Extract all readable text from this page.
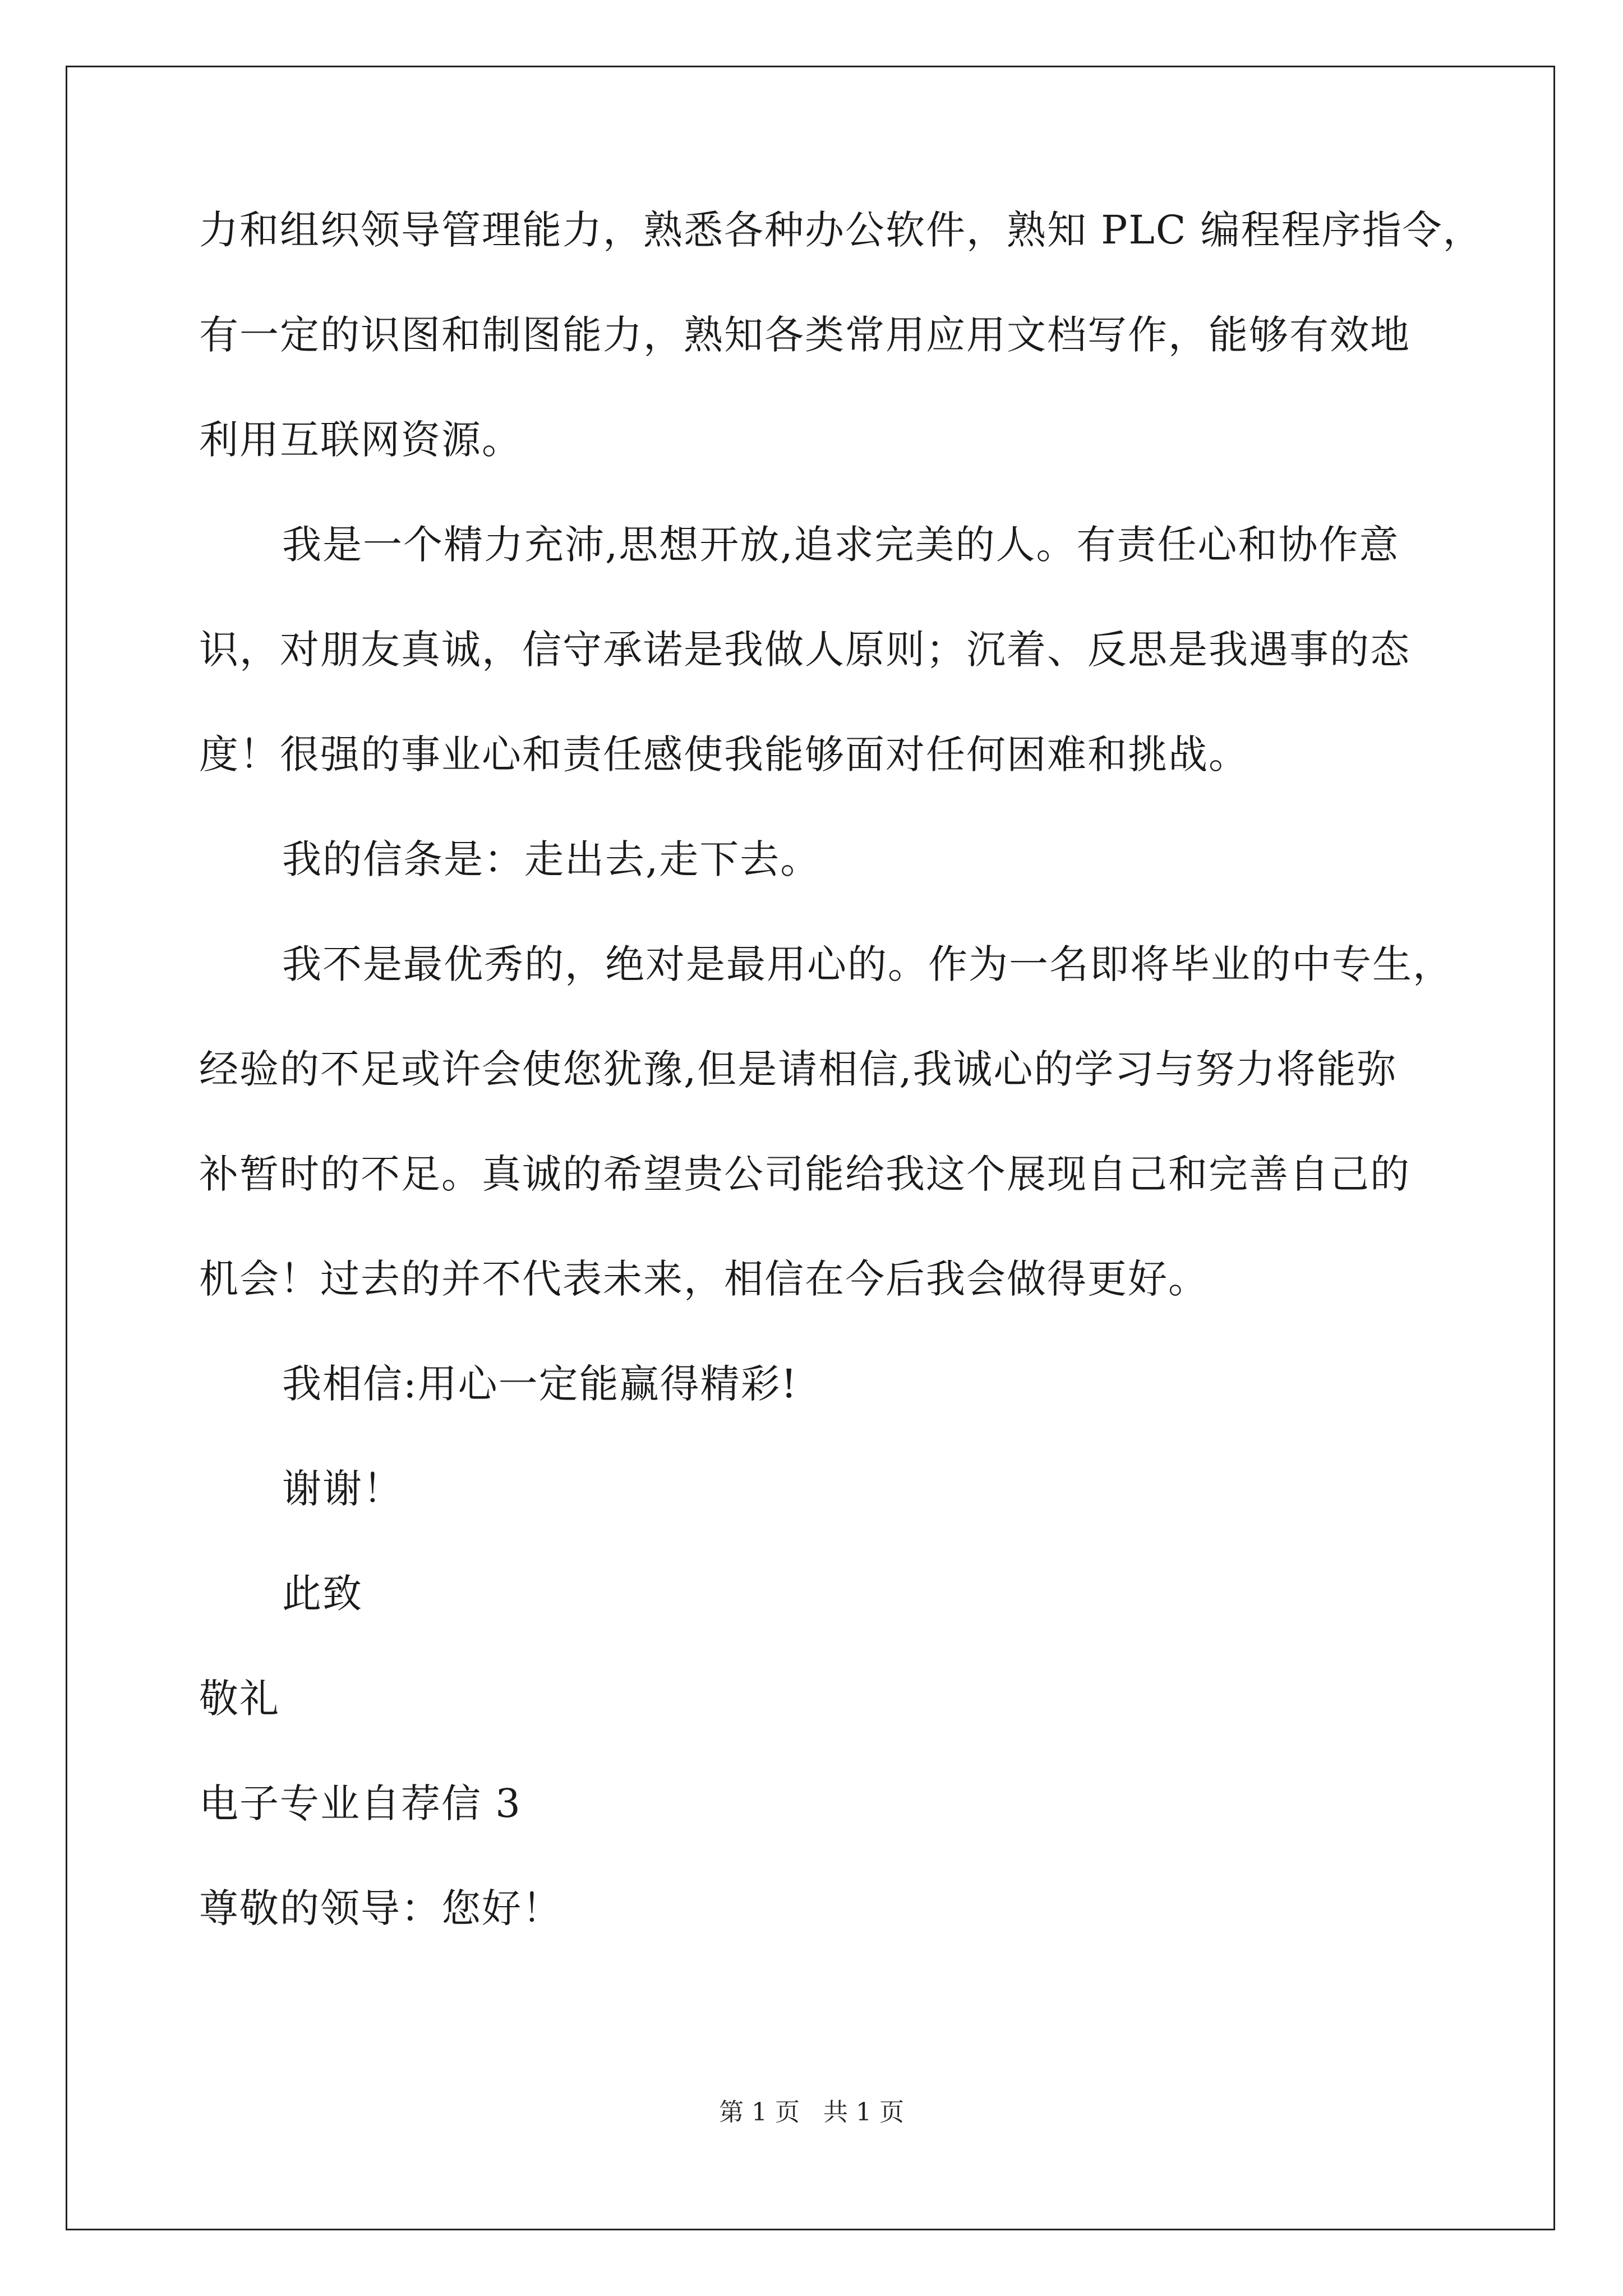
力和组织领导管理能力，熟悉各种办公软件，熟知 PLC 编程程序指令，
有一定的识图和制图能力，熟知各类常用应用文档写作，能够有效地
利用互联网资源。
我是一个精力充沛,思想开放,追求完美的人。有责任心和协作意
识，对朋友真诚，信守承诺是我做人原则；沉着、反思是我遇事的态
度！很强的事业心和责任感使我能够面对任何困难和挑战。
我的信条是：走出去,走下去。
我不是最优秀的，绝对是最用心的。作为一名即将毕业的中专生，
经验的不足或许会使您犹豫,但是请相信,我诚心的学习与努力将能弥
补暂时的不足。真诚的希望贵公司能给我这个展现自己和完善自己的
机会！过去的并不代表未来，相信在今后我会做得更好。
我相信:用心一定能赢得精彩!
谢谢！
此致
敬礼
电子专业自荐信 3
尊敬的领导：您好！
第 1 页 共 1 页
